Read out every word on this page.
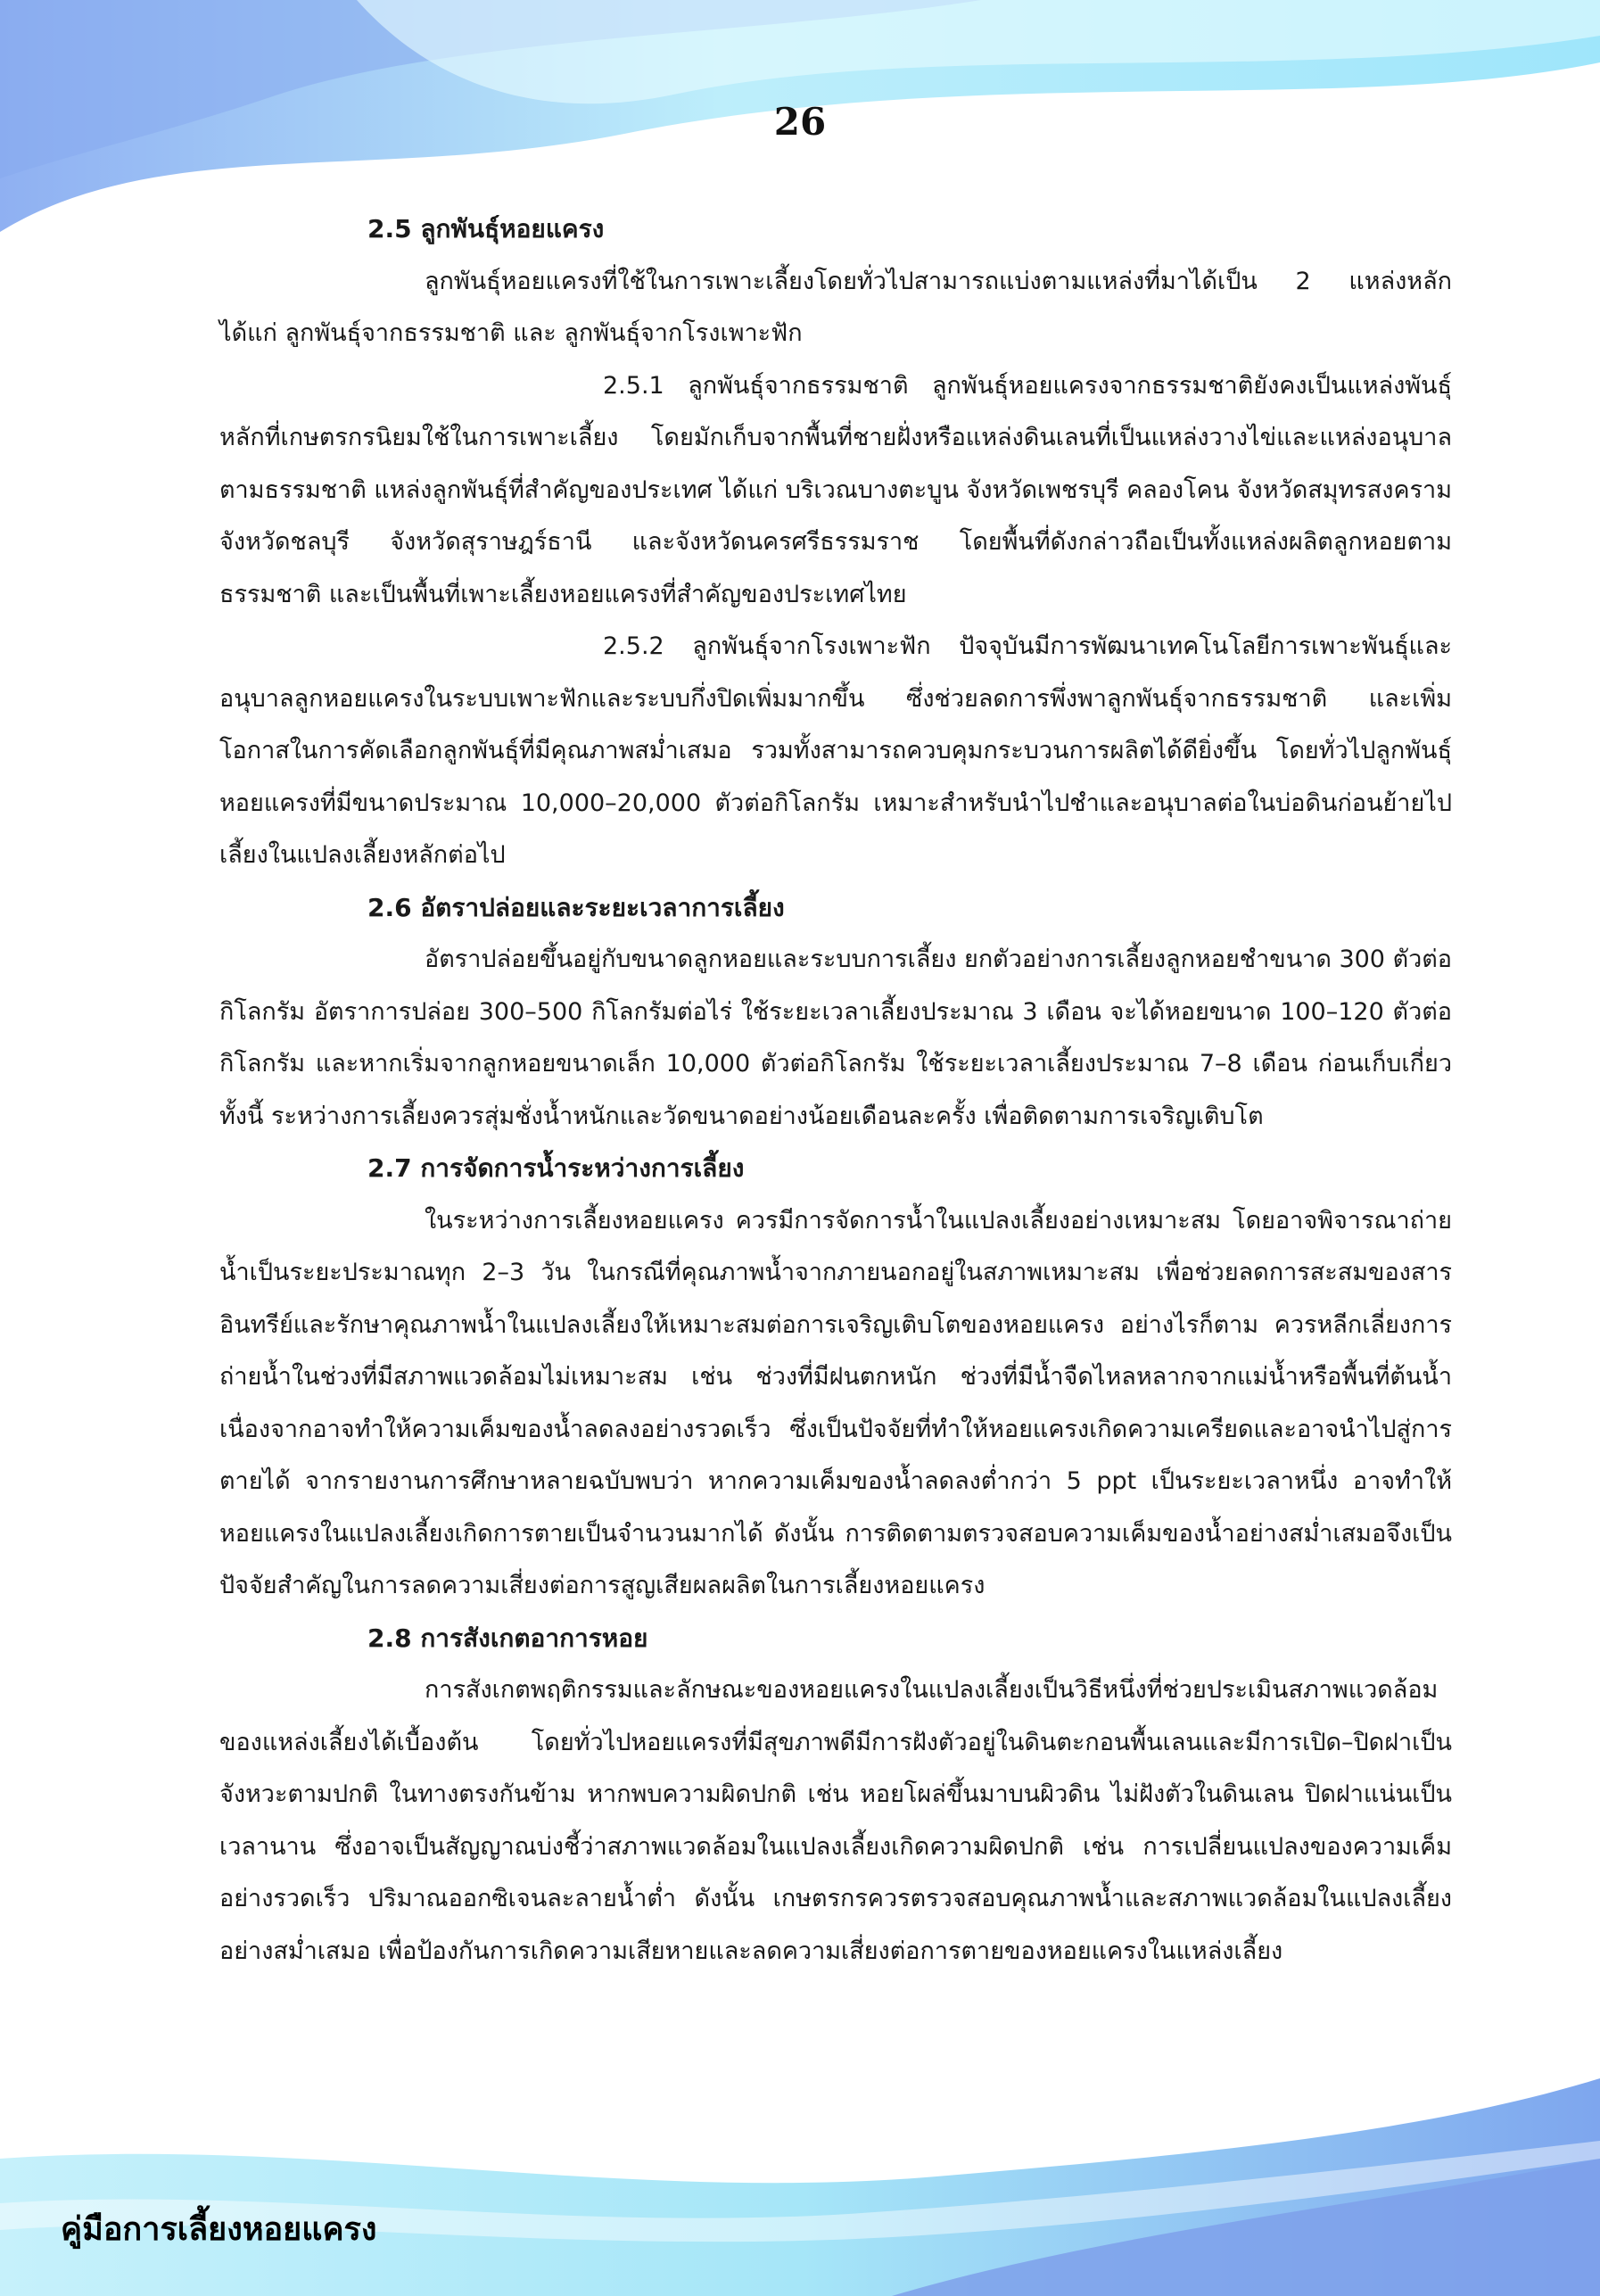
26
2.5 ลูกพันธุ์หอยแครง

ลูกพันธุ์หอยแครงที่ใช้ในการเพาะเลี้ยงโดยทั่วไปสามารถแบ่งตามแหล่งที่มาได้เป็น 2 แหล่งหลัก ได้แก่ ลูกพันธุ์จากธรรมชาติ และ ลูกพันธุ์จากโรงเพาะฟัก

2.5.1 ลูกพันธุ์จากธรรมชาติ ลูกพันธุ์หอยแครงจากธรรมชาติยังคงเป็นแหล่งพันธุ์หลักที่เกษตรกรนิยมใช้ในการเพาะเลี้ยง โดยมักเก็บจากพื้นที่ชายฝั่งหรือแหล่งดินเลนที่เป็นแหล่งวางไข่และแหล่งอนุบาลตามธรรมชาติ แหล่งลูกพันธุ์ที่สำคัญของประเทศ ได้แก่ บริเวณบางตะบูน จังหวัดเพชรบุรี คลองโคน จังหวัดสมุทรสงคราม จังหวัดชลบุรี จังหวัดสุราษฎร์ธานี และจังหวัดนครศรีธรรมราช โดยพื้นที่ดังกล่าวถือเป็นทั้งแหล่งผลิตลูกหอยตามธรรมชาติ และเป็นพื้นที่เพาะเลี้ยงหอยแครงที่สำคัญของประเทศไทย

2.5.2 ลูกพันธุ์จากโรงเพาะฟัก ปัจจุบันมีการพัฒนาเทคโนโลยีการเพาะพันธุ์และอนุบาลลูกหอยแครงในระบบเพาะฟักและระบบกึ่งปิดเพิ่มมากขึ้น ซึ่งช่วยลดการพึ่งพาลูกพันธุ์จากธรรมชาติ และเพิ่มโอกาสในการคัดเลือกลูกพันธุ์ที่มีคุณภาพสม่ำเสมอ รวมทั้งสามารถควบคุมกระบวนการผลิตได้ดียิ่งขึ้น โดยทั่วไปลูกพันธุ์หอยแครงที่มีขนาดประมาณ 10,000–20,000 ตัวต่อกิโลกรัม เหมาะสำหรับนำไปชำและอนุบาลต่อในบ่อดินก่อนย้ายไปเลี้ยงในแปลงเลี้ยงหลักต่อไป

2.6 อัตราปล่อยและระยะเวลาการเลี้ยง

อัตราปล่อยขึ้นอยู่กับขนาดลูกหอยและระบบการเลี้ยง ยกตัวอย่างการเลี้ยงลูกหอยชำขนาด 300 ตัวต่อกิโลกรัม อัตราการปล่อย 300–500 กิโลกรัมต่อไร่ ใช้ระยะเวลาเลี้ยงประมาณ 3 เดือน จะได้หอยขนาด 100–120 ตัวต่อกิโลกรัม และหากเริ่มจากลูกหอยขนาดเล็ก 10,000 ตัวต่อกิโลกรัม ใช้ระยะเวลาเลี้ยงประมาณ 7–8 เดือน ก่อนเก็บเกี่ยว ทั้งนี้ ระหว่างการเลี้ยงควรสุ่มชั่งน้ำหนักและวัดขนาดอย่างน้อยเดือนละครั้ง เพื่อติดตามการเจริญเติบโต

2.7 การจัดการน้ำระหว่างการเลี้ยง

ในระหว่างการเลี้ยงหอยแครง ควรมีการจัดการน้ำในแปลงเลี้ยงอย่างเหมาะสม โดยอาจพิจารณาถ่ายน้ำเป็นระยะประมาณทุก 2–3 วัน ในกรณีที่คุณภาพน้ำจากภายนอกอยู่ในสภาพเหมาะสม เพื่อช่วยลดการสะสมของสารอินทรีย์และรักษาคุณภาพน้ำในแปลงเลี้ยงให้เหมาะสมต่อการเจริญเติบโตของหอยแครง อย่างไรก็ตาม ควรหลีกเลี่ยงการถ่ายน้ำในช่วงที่มีสภาพแวดล้อมไม่เหมาะสม เช่น ช่วงที่มีฝนตกหนัก ช่วงที่มีน้ำจืดไหลหลากจากแม่น้ำหรือพื้นที่ต้นน้ำ เนื่องจากอาจทำให้ความเค็มของน้ำลดลงอย่างรวดเร็ว ซึ่งเป็นปัจจัยที่ทำให้หอยแครงเกิดความเครียดและอาจนำไปสู่การตายได้ จากรายงานการศึกษาหลายฉบับพบว่า หากความเค็มของน้ำลดลงต่ำกว่า 5 ppt เป็นระยะเวลาหนึ่ง อาจทำให้หอยแครงในแปลงเลี้ยงเกิดการตายเป็นจำนวนมากได้ ดังนั้น การติดตามตรวจสอบความเค็มของน้ำอย่างสม่ำเสมอจึงเป็นปัจจัยสำคัญในการลดความเสี่ยงต่อการสูญเสียผลผลิตในการเลี้ยงหอยแครง

2.8 การสังเกตอาการหอย

การสังเกตพฤติกรรมและลักษณะของหอยแครงในแปลงเลี้ยงเป็นวิธีหนึ่งที่ช่วยประเมินสภาพแวดล้อมของแหล่งเลี้ยงได้เบื้องต้น โดยทั่วไปหอยแครงที่มีสุขภาพดีมีการฝังตัวอยู่ในดินตะกอนพื้นเลนและมีการเปิด–ปิดฝาเป็นจังหวะตามปกติ ในทางตรงกันข้าม หากพบความผิดปกติ เช่น หอยโผล่ขึ้นมาบนผิวดิน ไม่ฝังตัวในดินเลน ปิดฝาแน่นเป็นเวลานาน ซึ่งอาจเป็นสัญญาณบ่งชี้ว่าสภาพแวดล้อมในแปลงเลี้ยงเกิดความผิดปกติ เช่น การเปลี่ยนแปลงของความเค็มอย่างรวดเร็ว ปริมาณออกซิเจนละลายน้ำต่ำ ดังนั้น เกษตรกรควรตรวจสอบคุณภาพน้ำและสภาพแวดล้อมในแปลงเลี้ยงอย่างสม่ำเสมอ เพื่อป้องกันการเกิดความเสียหายและลดความเสี่ยงต่อการตายของหอยแครงในแหล่งเลี้ยง

คู่มือการเลี้ยงหอยแครง
